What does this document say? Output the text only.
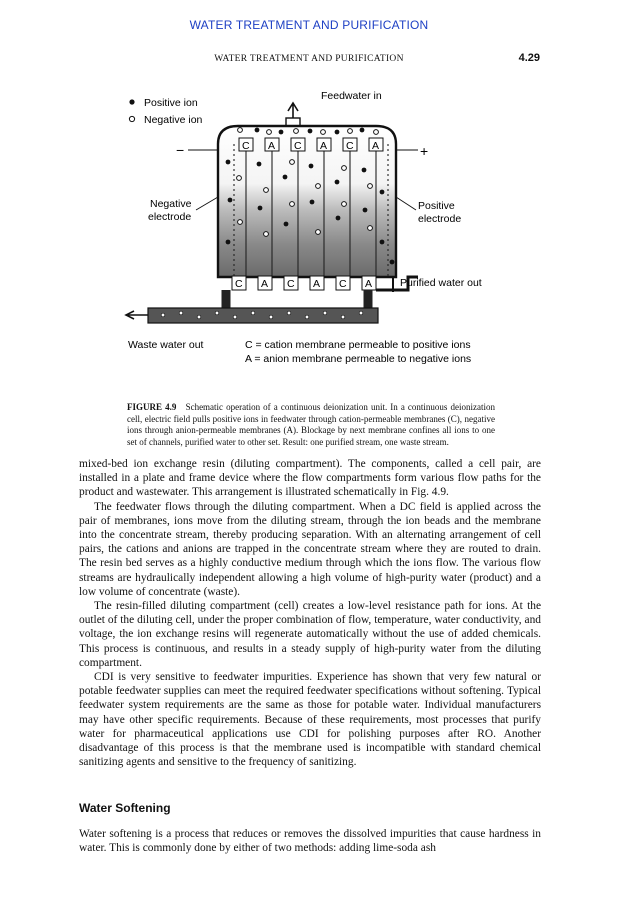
WATER TREATMENT AND PURIFICATION
WATER TREATMENT AND PURIFICATION	4.29
Positive ion
Negative ion
Feedwater in
−	+
C A C A C A
Negative
electrode
Positive
electrode
C A C A C A	Purified water out
Waste water out	C = cation membrane permeable to positive ions
A = anion membrane permeable to negative ions
FIGURE 4.9 Schematic operation of a continuous deionization unit. In a continuous deionization cell, electric field pulls positive ions in feedwater through cation-permeable membranes (C), negative ions through anion-permeable membranes (A). Blockage by next membrane confines all ions to one set of channels, purified water to other set. Result: one purified stream, one waste stream.

mixed-bed ion exchange resin (diluting compartment). The components, called a cell pair, are installed in a plate and frame device where the flow compartments form various flow paths for the product and wastewater. This arrangement is illustrated schematically in Fig. 4.9.

The feedwater flows through the diluting compartment. When a DC field is applied across the pair of membranes, ions move from the diluting stream, through the ion beads and the membrane into the concentrate stream, thereby producing separation. With an alternating arrangement of cell pairs, the cations and anions are trapped in the concentrate stream where they are routed to drain. The resin bed serves as a highly conductive medium through which the ions flow. The various flow streams are hydraulically independent allowing a high volume of high-purity water (product) and a low volume of concentrate (waste).

The resin-filled diluting compartment (cell) creates a low-level resistance path for ions. At the outlet of the diluting cell, under the proper combination of flow, temperature, water conductivity, and voltage, the ion exchange resins will regenerate automatically without the use of added chemicals. This process is continuous, and results in a steady supply of high-purity water from the diluting compartment.

CDI is very sensitive to feedwater impurities. Experience has shown that very few natural or potable feedwater supplies can meet the required feedwater specifications without softening. Typical feedwater system requirements are the same as those for potable water. Individual manufacturers may have other specific requirements. Because of these requirements, most processes that purify water for pharmaceutical applications use CDI for polishing purposes after RO. Another disadvantage of this process is that the membrane used is incompatible with standard chemical sanitizing agents and sensitive to the frequency of sanitizing.

Water Softening

Water softening is a process that reduces or removes the dissolved impurities that cause hardness in water. This is commonly done by either of two methods: adding lime-soda ash
